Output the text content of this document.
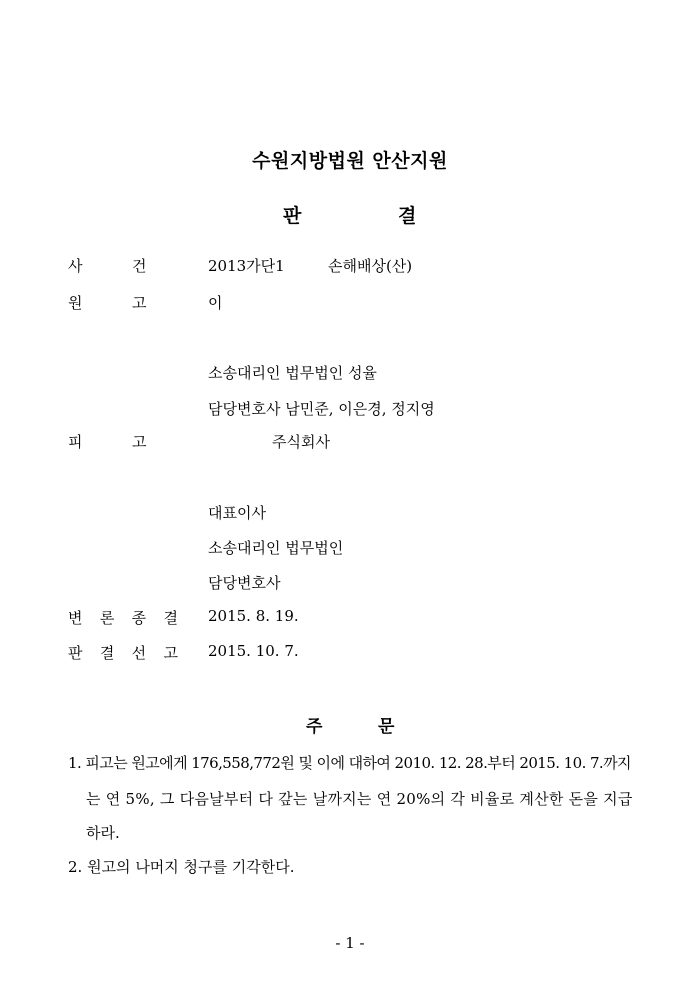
수원지방법원 안산지원
판	결
사	건	2013가단1	손해배상(산)
원	고	이
소송대리인 법무법인 성율
담당변호사 남민준, 이은경, 정지영
피	고	주식회사
대표이사
소송대리인 법무법인
담당변호사
변 론 종 결 2015. 8. 19.
판 결 선 고 2015. 10. 7.
주	문
1. 피고는 원고에게 176,558,772원 및 이에 대하여 2010. 12. 28.부터 2015. 10. 7.까지
는 연 5%, 그 다음날부터 다 갚는 날까지는 연 20%의 각 비율로 계산한 돈을 지급
하라.
2. 원고의 나머지 청구를 기각한다.
- 1 -
